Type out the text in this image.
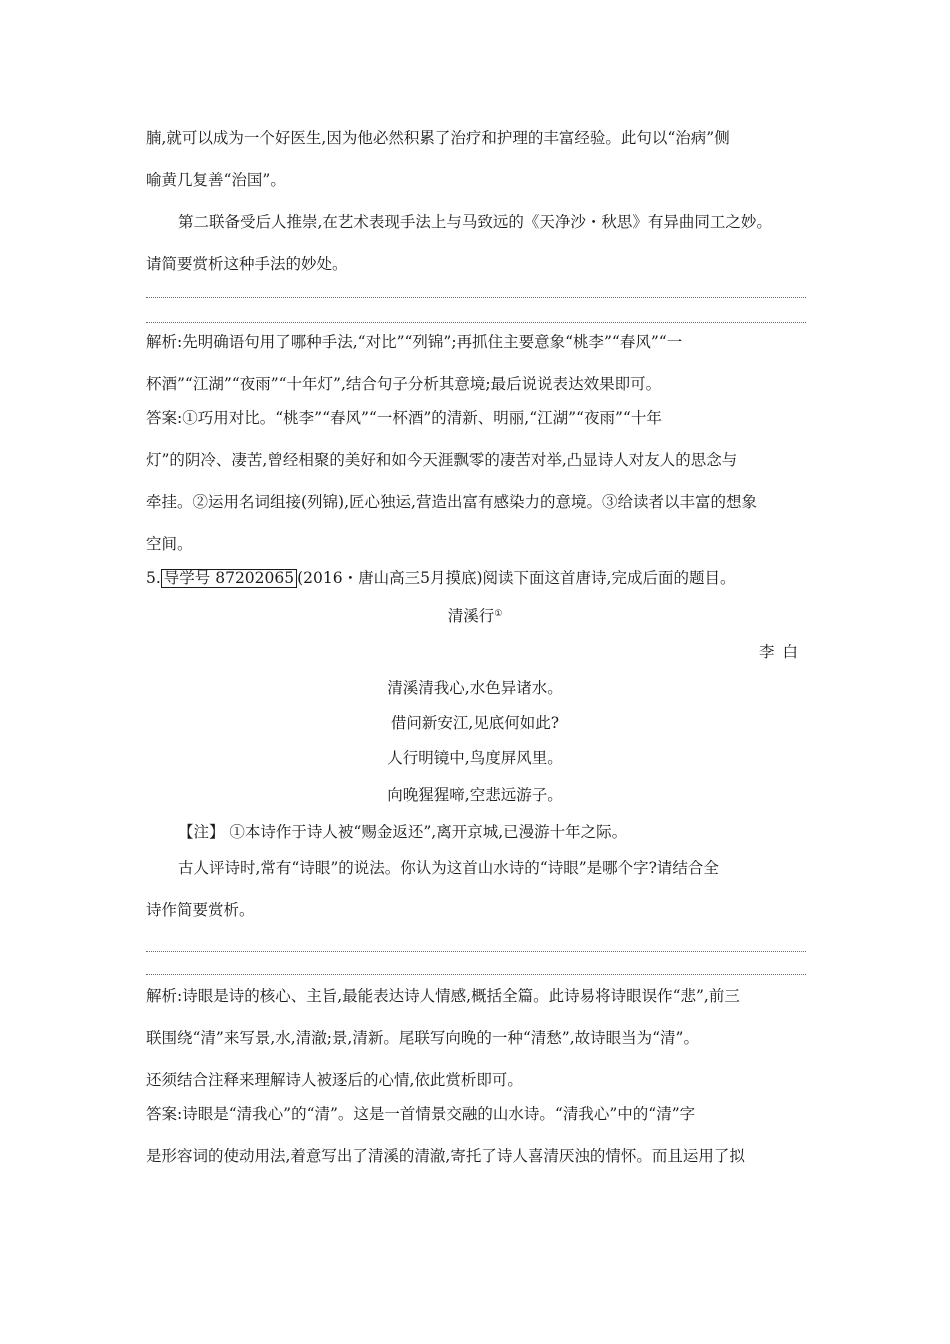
腩,就可以成为一个好医生,因为他必然积累了治疗和护理的丰富经验。此句以“治病”侧
喻黄几复善“治国”。
第二联备受后人推崇,在艺术表现手法上与马致远的《天净沙・秋思》有异曲同工之妙。
请简要赏析这种手法的妙处。
解析:先明确语句用了哪种手法,“对比”“列锦”;再抓住主要意象“桃李”“春风”“一
杯酒”“江湖”“夜雨”“十年灯”,结合句子分析其意境;最后说说表达效果即可。
答案:①巧用对比。“桃李”“春风”“一杯酒”的清新、明丽,“江湖”“夜雨”“十年
灯”的阴冷、凄苦,曾经相聚的美好和如今天涯飘零的凄苦对举,凸显诗人对友人的思念与
牵挂。②运用名词组接(列锦),匠心独运,营造出富有感染力的意境。③给读者以丰富的想象
空间。
5. 导学号 87202065 (2016・唐山高三5月摸底)阅读下面这首唐诗,完成后面的题目。
清溪行①
李白
清溪清我心,水色异诸水。
借问新安江,见底何如此?
人行明镜中,鸟度屏风里。
向晚猩猩啼,空悲远游子。
【注】 ①本诗作于诗人被“赐金返还”,离开京城,已漫游十年之际。
古人评诗时,常有“诗眼”的说法。你认为这首山水诗的“诗眼”是哪个字?请结合全
诗作简要赏析。
解析:诗眼是诗的核心、主旨,最能表达诗人情感,概括全篇。此诗易将诗眼误作“悲”,前三
联围绕“清”来写景,水,清澈;景,清新。尾联写向晚的一种“清愁”,故诗眼当为“清”。
还须结合注释来理解诗人被逐后的心情,依此赏析即可。
答案:诗眼是“清我心”的“清”。这是一首情景交融的山水诗。“清我心”中的“清”字
是形容词的使动用法,着意写出了清溪的清澈,寄托了诗人喜清厌浊的情怀。而且运用了拟
